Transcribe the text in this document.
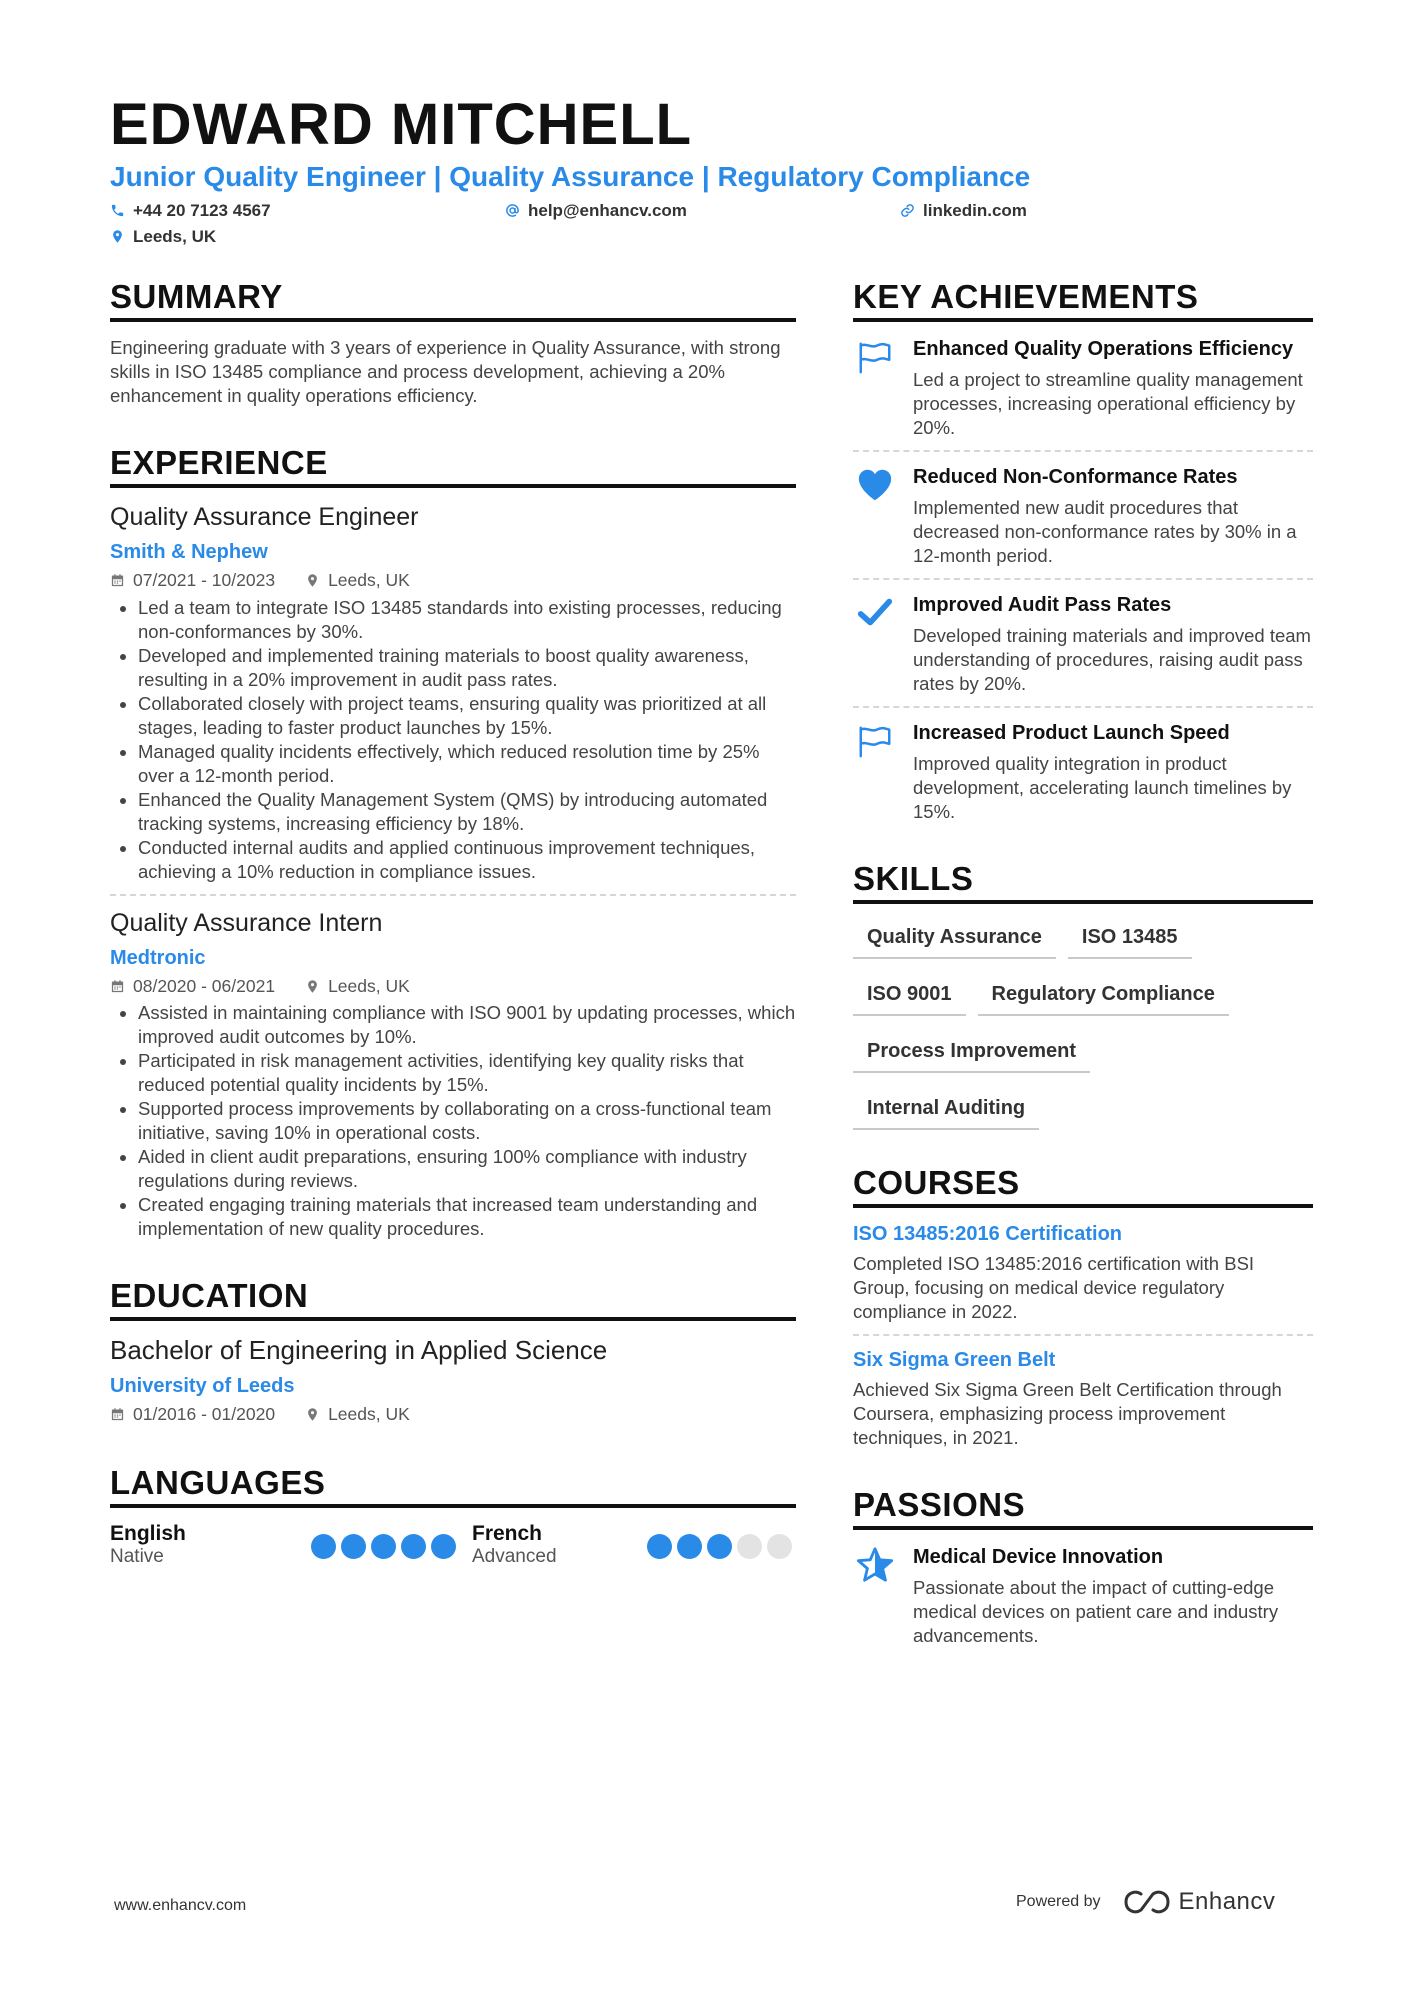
EDWARD MITCHELL
Junior Quality Engineer | Quality Assurance | Regulatory Compliance
+44 20 7123 4567	help@enhancv.com	linkedin.com
Leeds, UK
SUMMARY
Engineering graduate with 3 years of experience in Quality Assurance, with strong skills in ISO 13485 compliance and process development, achieving a 20% enhancement in quality operations efficiency.
EXPERIENCE
Quality Assurance Engineer
Smith & Nephew
07/2021 - 10/2023	Leeds, UK
• Led a team to integrate ISO 13485 standards into existing processes, reducing non-conformances by 30%.
• Developed and implemented training materials to boost quality awareness, resulting in a 20% improvement in audit pass rates.
• Collaborated closely with project teams, ensuring quality was prioritized at all stages, leading to faster product launches by 15%.
• Managed quality incidents effectively, which reduced resolution time by 25% over a 12-month period.
• Enhanced the Quality Management System (QMS) by introducing automated tracking systems, increasing efficiency by 18%.
• Conducted internal audits and applied continuous improvement techniques, achieving a 10% reduction in compliance issues.
Quality Assurance Intern
Medtronic
08/2020 - 06/2021	Leeds, UK
• Assisted in maintaining compliance with ISO 9001 by updating processes, which improved audit outcomes by 10%.
• Participated in risk management activities, identifying key quality risks that reduced potential quality incidents by 15%.
• Supported process improvements by collaborating on a cross-functional team initiative, saving 10% in operational costs.
• Aided in client audit preparations, ensuring 100% compliance with industry regulations during reviews.
• Created engaging training materials that increased team understanding and implementation of new quality procedures.
EDUCATION
Bachelor of Engineering in Applied Science
University of Leeds
01/2016 - 01/2020	Leeds, UK
LANGUAGES
English
Native
French
Advanced
KEY ACHIEVEMENTS
Enhanced Quality Operations Efficiency
Led a project to streamline quality management processes, increasing operational efficiency by 20%.
Reduced Non-Conformance Rates
Implemented new audit procedures that decreased non-conformance rates by 30% in a 12-month period.
Improved Audit Pass Rates
Developed training materials and improved team understanding of procedures, raising audit pass rates by 20%.
Increased Product Launch Speed
Improved quality integration in product development, accelerating launch timelines by 15%.
SKILLS
Quality Assurance	ISO 13485
ISO 9001	Regulatory Compliance
Process Improvement
Internal Auditing
COURSES
ISO 13485:2016 Certification
Completed ISO 13485:2016 certification with BSI Group, focusing on medical device regulatory compliance in 2022.
Six Sigma Green Belt
Achieved Six Sigma Green Belt Certification through Coursera, emphasizing process improvement techniques, in 2021.
PASSIONS
Medical Device Innovation
Passionate about the impact of cutting-edge medical devices on patient care and industry advancements.
www.enhancv.com	Powered by	Enhancv
